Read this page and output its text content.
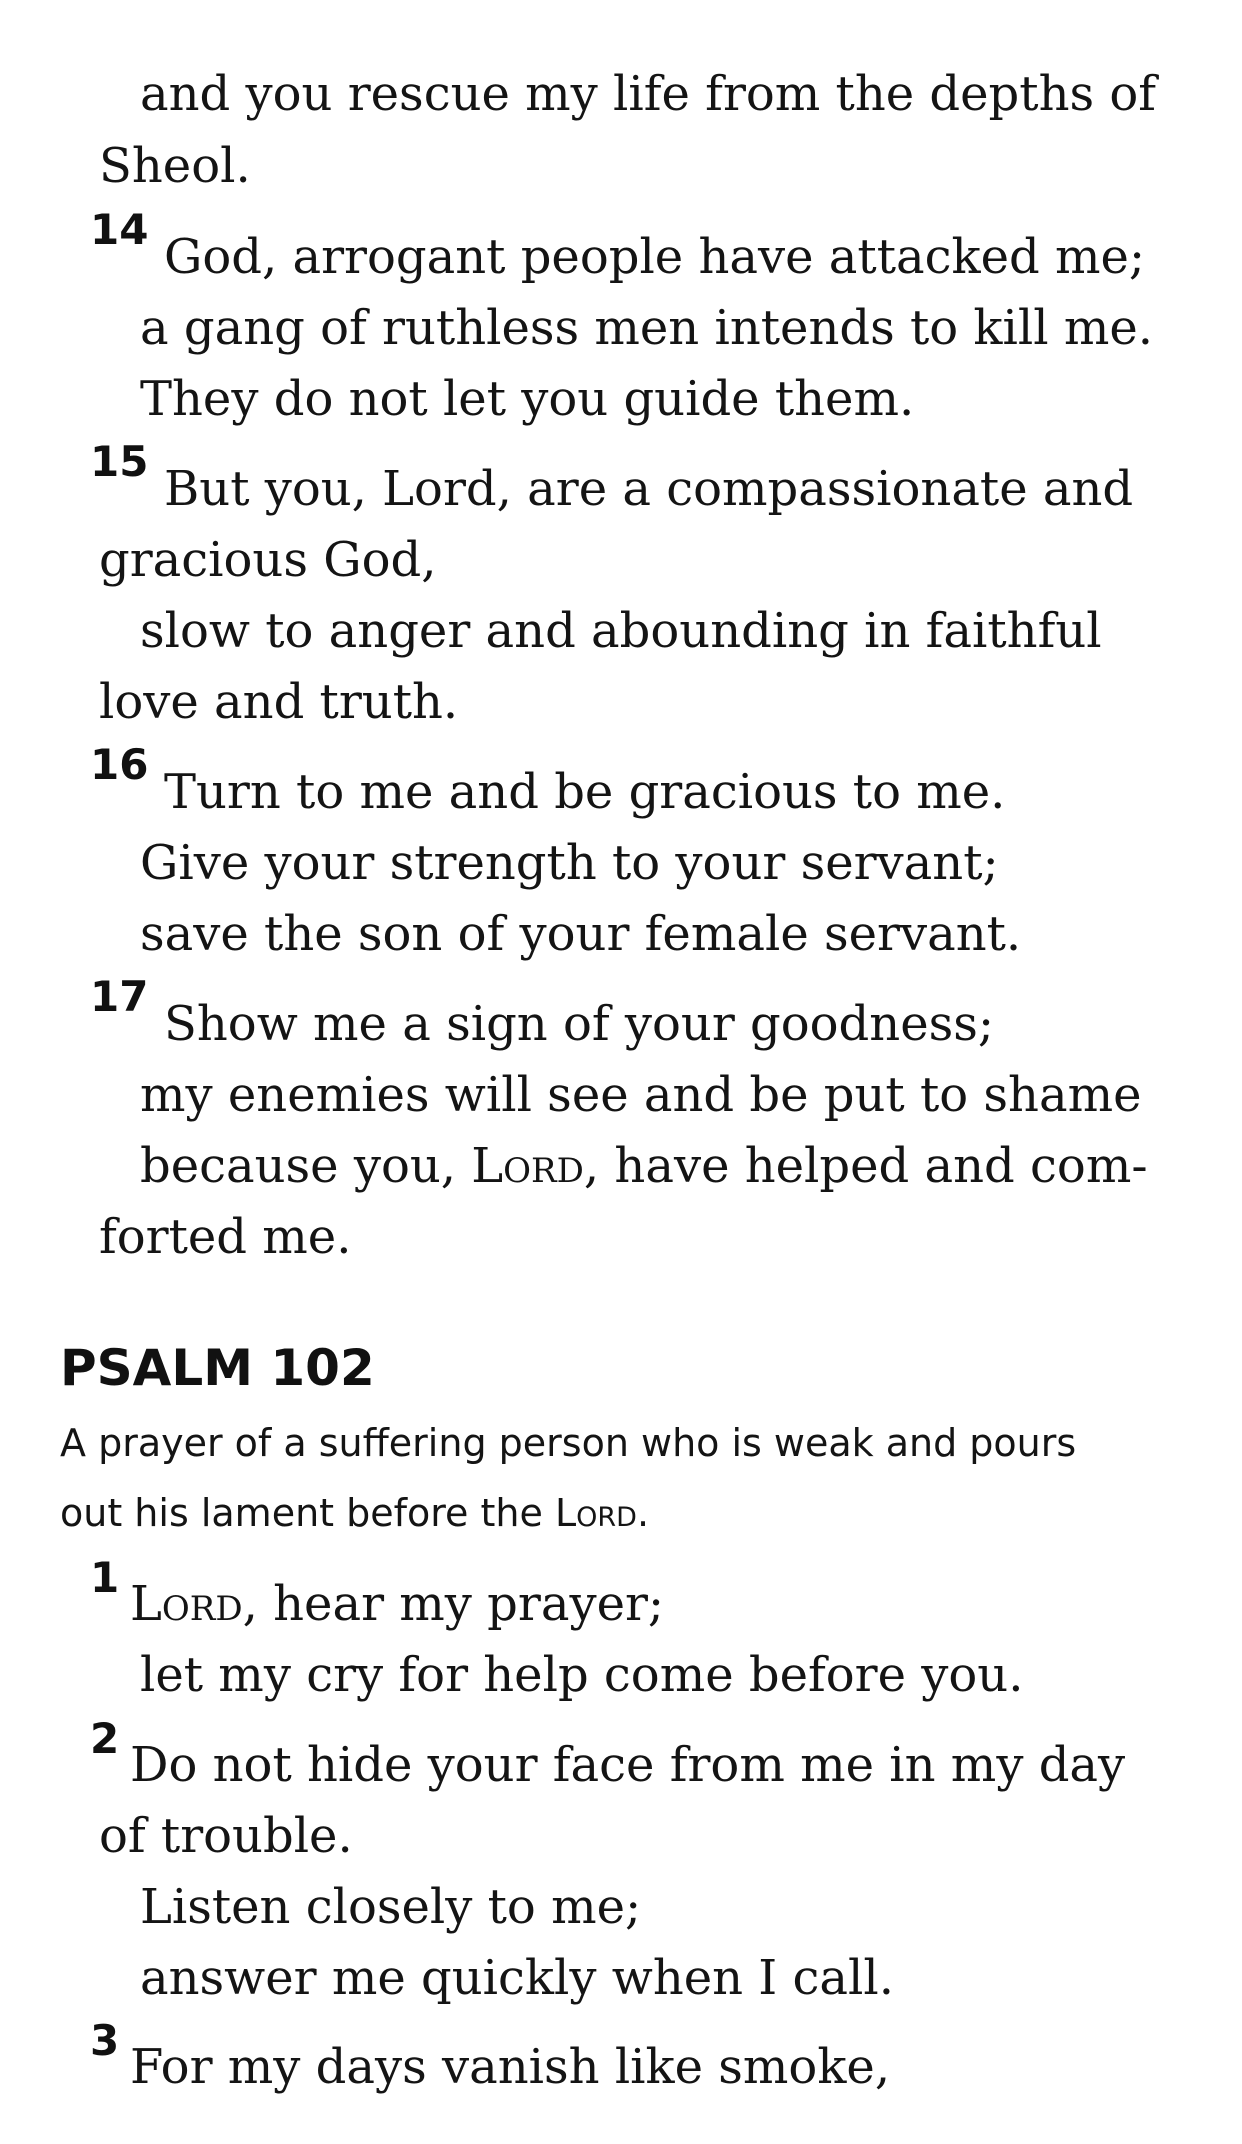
and you rescue my life from the depths of
Sheol.
14 God, arrogant people have attacked me;
a gang of ruthless men intends to kill me.
They do not let you guide them.
15 But you, Lord, are a compassionate and
gracious God,
slow to anger and abounding in faithful
love and truth.
16 Turn to me and be gracious to me.
Give your strength to your servant;
save the son of your female servant.
17 Show me a sign of your goodness;
my enemies will see and be put to shame
because you, Lord, have helped and com-
forted me.
PSALM 102
A prayer of a suffering person who is weak and pours
out his lament before the Lord.
1 Lord, hear my prayer;
let my cry for help come before you.
2 Do not hide your face from me in my day
of trouble.
Listen closely to me;
answer me quickly when I call.
3 For my days vanish like smoke,
